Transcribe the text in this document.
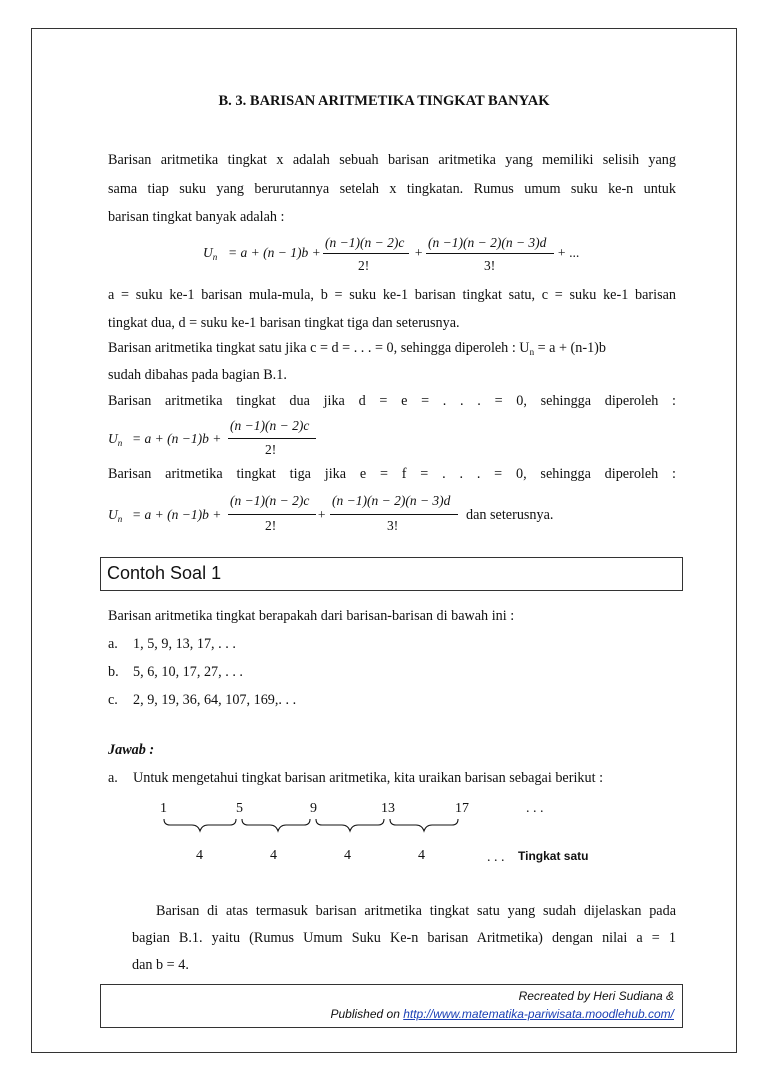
B. 3. BARISAN ARITMETIKA TINGKAT BANYAK
Barisan aritmetika tingkat x adalah sebuah barisan aritmetika yang memiliki selisih yang
sama tiap suku yang berurutannya setelah x tingkatan. Rumus umum suku ke-n untuk
barisan tingkat banyak adalah :
$U_n = a + (n - 1)b$ +
(n −1)(n − 2)c
2!
+
(n −1)(n − 2)(n − 3)d
3!
+ ...
a = suku ke-1 barisan mula-mula, b = suku ke-1 barisan tingkat satu, c = suku ke-1 barisan
tingkat dua, d = suku ke-1 barisan tingkat tiga dan seterusnya.
Barisan aritmetika tingkat satu jika c = d = . . . = 0, sehingga diperoleh : $U_n = a + (n-1)b$
sudah dibahas pada bagian B.1.
Barisan aritmetika tingkat dua jika d = e = . . . = 0, sehingga diperoleh :
$U_n = a + (n -1)b$ +
(n −1)(n − 2)c
2!
Barisan aritmetika tingkat tiga jika e = f = . . . = 0, sehingga diperoleh :
$U_n = a + (n -1)b$ +
(n −1)(n − 2)c
2!
+
(n −1)(n − 2)(n − 3)d
3!
dan seterusnya.
Contoh Soal 1
Barisan aritmetika tingkat berapakah dari barisan-barisan di bawah ini :
a. 1, 5, 9, 13, 17, . . .
b. 5, 6, 10, 17, 27, . . .
c. 2, 9, 19, 36, 64, 107, 169,. . .
Jawab :
a. Untuk mengetahui tingkat barisan aritmetika, kita uraikan barisan sebagai berikut :
1	5	9	13	17	. . .
4	4	4	4	. . . Tingkat satu
Barisan di atas termasuk barisan aritmetika tingkat satu yang sudah dijelaskan pada
bagian B.1. yaitu (Rumus Umum Suku Ke-n barisan Aritmetika) dengan nilai a = 1
dan b = 4.
Recreated by Heri Sudiana &
Published on http://www.matematika-pariwisata.moodlehub.com/
